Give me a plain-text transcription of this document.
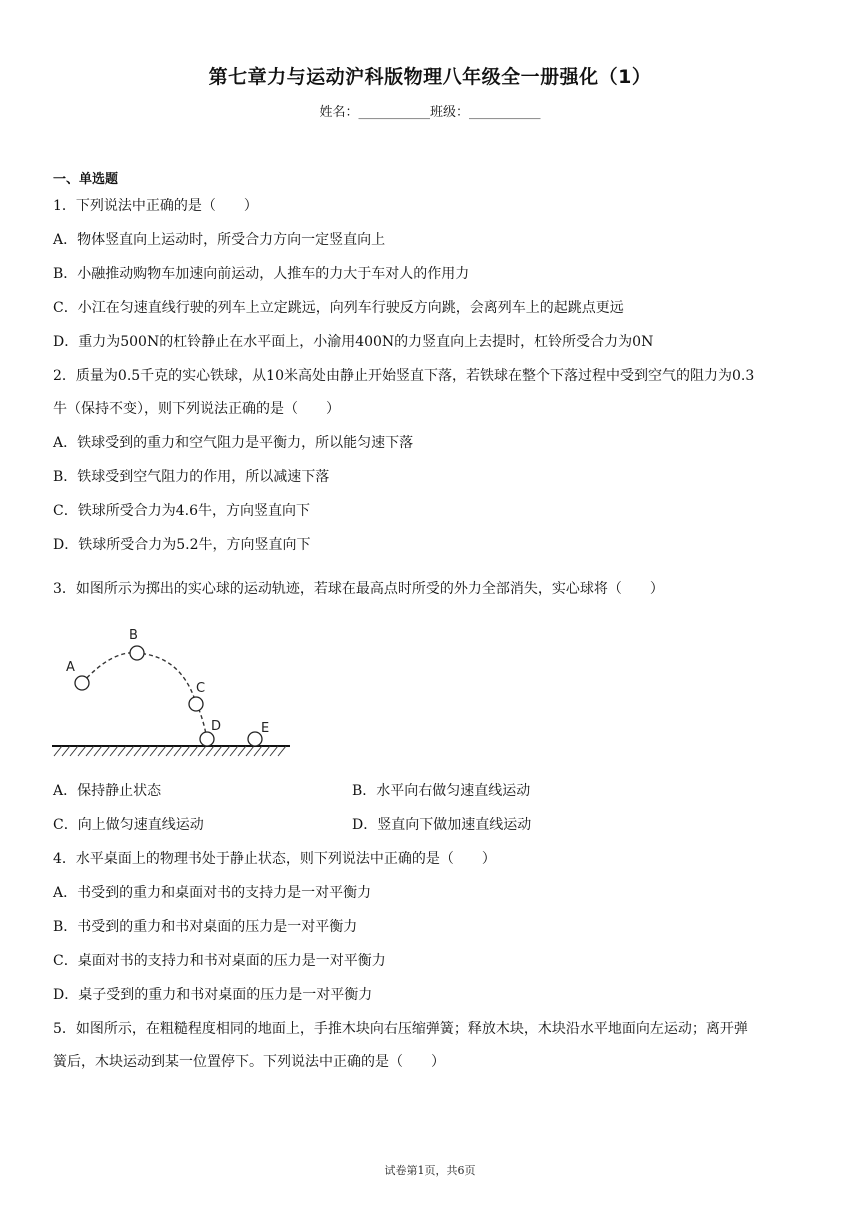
第七章力与运动沪科版物理八年级全一册强化（1）
姓名：___________班级：___________
一、单选题
1．下列说法中正确的是（　　）
A．物体竖直向上运动时，所受合力方向一定竖直向上
B．小融推动购物车加速向前运动，人推车的力大于车对人的作用力
C．小江在匀速直线行驶的列车上立定跳远，向列车行驶反方向跳，会离列车上的起跳点更远
D．重力为500N的杠铃静止在水平面上，小渝用400N的力竖直向上去提时，杠铃所受合力为0N
2．质量为0.5千克的实心铁球，从10米高处由静止开始竖直下落，若铁球在整个下落过程中受到空气的阻力为0.3
牛（保持不变），则下列说法正确的是（　　）
A．铁球受到的重力和空气阻力是平衡力，所以能匀速下落
B．铁球受到空气阻力的作用，所以减速下落
C．铁球所受合力为4.6牛，方向竖直向下
D．铁球所受合力为5.2牛，方向竖直向下
3．如图所示为掷出的实心球的运动轨迹，若球在最高点时所受的外力全部消失，实心球将（　　）
A
B
C
D	E
A．保持静止状态	B．水平向右做匀速直线运动
C．向上做匀速直线运动	D．竖直向下做加速直线运动
4．水平桌面上的物理书处于静止状态，则下列说法中正确的是（　　）
A．书受到的重力和桌面对书的支持力是一对平衡力
B．书受到的重力和书对桌面的压力是一对平衡力
C．桌面对书的支持力和书对桌面的压力是一对平衡力
D．桌子受到的重力和书对桌面的压力是一对平衡力
5．如图所示，在粗糙程度相同的地面上，手推木块向右压缩弹簧；释放木块，木块沿水平地面向左运动；离开弹
簧后，木块运动到某一位置停下。下列说法中正确的是（　　）
试卷第1页，共6页
